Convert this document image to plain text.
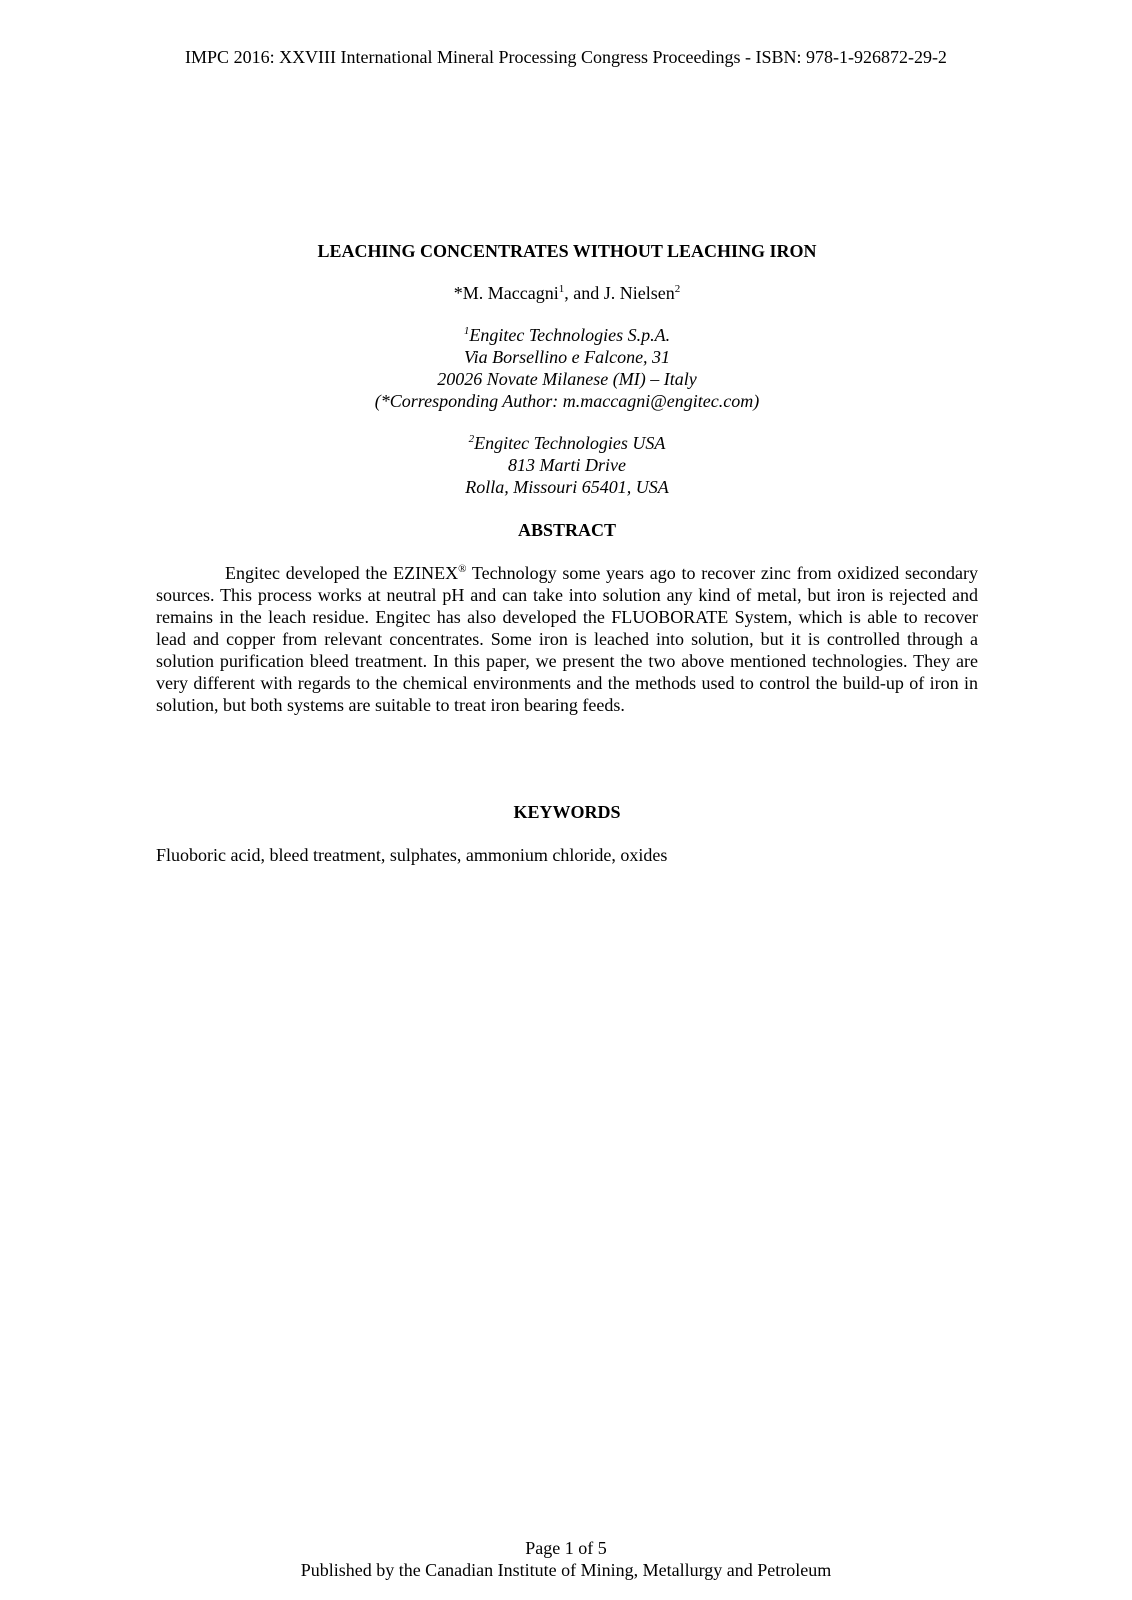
IMPC 2016: XXVIII International Mineral Processing Congress Proceedings - ISBN: 978-1-926872-29-2
LEACHING CONCENTRATES WITHOUT LEACHING IRON
*M. Maccagni$^1$, and J. Nielsen$^2$
$^1$Engitec Technologies S.p.A.
Via Borsellino e Falcone, 31
20026 Novate Milanese (MI) – Italy
(*Corresponding Author: m.maccagni@engitec.com)
$^2$Engitec Technologies USA
813 Marti Drive
Rolla, Missouri 65401, USA
ABSTRACT

Engitec developed the EZINEX® Technology some years ago to recover zinc from oxidized secondary sources. This process works at neutral pH and can take into solution any kind of metal, but iron is rejected and remains in the leach residue. Engitec has also developed the FLUOBORATE System, which is able to recover lead and copper from relevant concentrates. Some iron is leached into solution, but it is controlled through a solution purification bleed treatment. In this paper, we present the two above mentioned technologies. They are very different with regards to the chemical environments and the methods used to control the build-up of iron in solution, but both systems are suitable to treat iron bearing feeds.

KEYWORDS
Fluoboric acid, bleed treatment, sulphates, ammonium chloride, oxides
Page 1 of 5
Published by the Canadian Institute of Mining, Metallurgy and Petroleum
